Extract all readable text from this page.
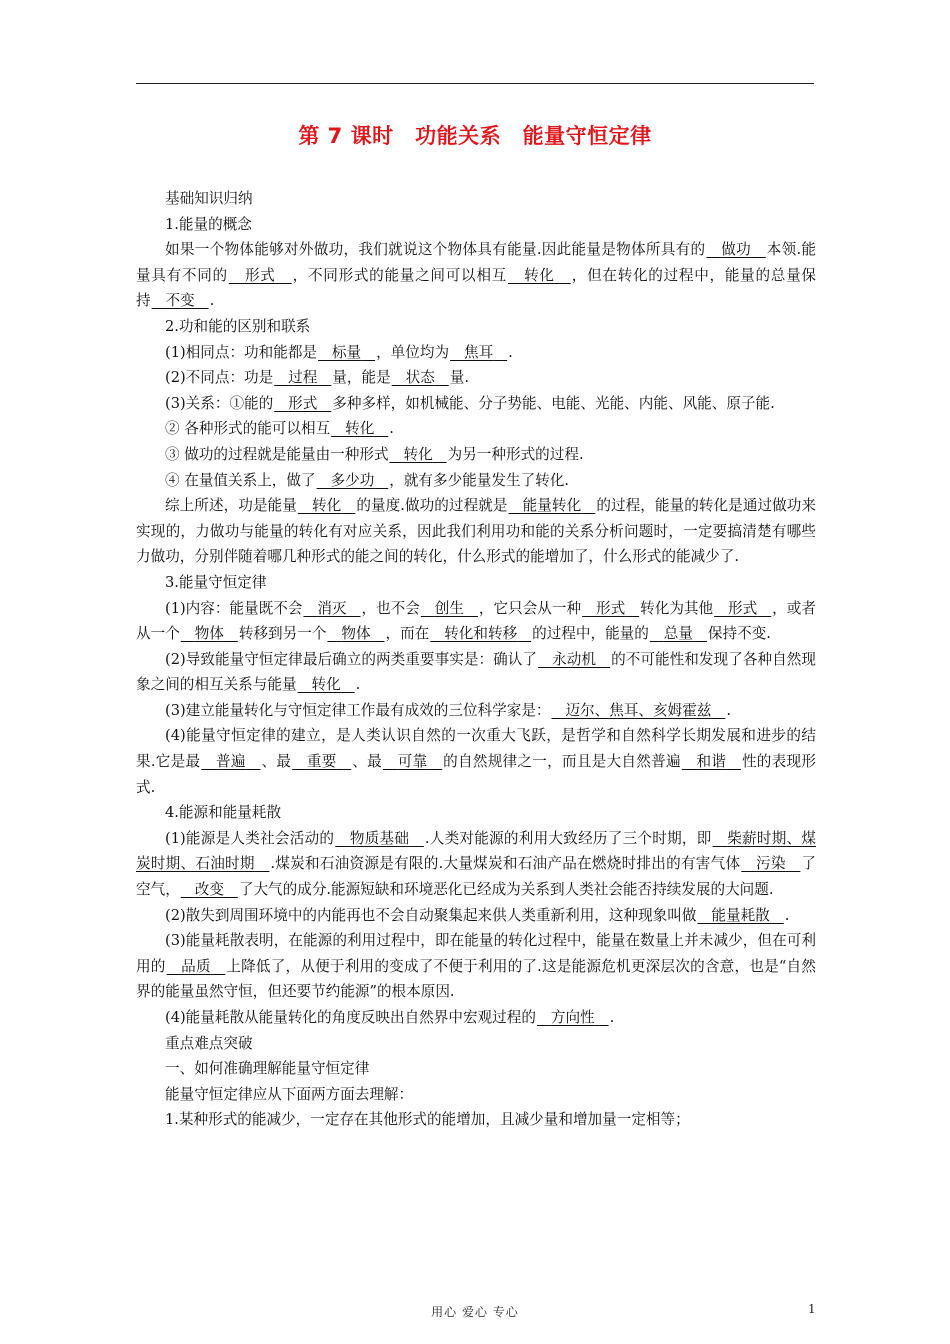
第 7 课时　功能关系　能量守恒定律

基础知识归纳

1.能量的概念

如果一个物体能够对外做功，我们就说这个物体具有能量.因此能量是物体所具有的 做功 本领.能量具有不同的 形式 ，不同形式的能量之间可以相互 转化 ，但在转化的过程中，能量的总量保持 不变 .

2.功和能的区别和联系

(1)相同点：功和能都是 标量 ，单位均为 焦耳 .

(2)不同点：功是 过程 量，能是 状态 量.

(3)关系：①能的 形式 多种多样，如机械能、分子势能、电能、光能、内能、风能、原子能.

② 各种形式的能可以相互 转化 .

③ 做功的过程就是能量由一种形式 转化 为另一种形式的过程.

④ 在量值关系上，做了 多少功 ，就有多少能量发生了转化.

综上所述，功是能量 转化 的量度.做功的过程就是 能量转化 的过程，能量的转化是通过做功来实现的，力做功与能量的转化有对应关系，因此我们利用功和能的关系分析问题时，一定要搞清楚有哪些力做功，分别伴随着哪几种形式的能之间的转化，什么形式的能增加了，什么形式的能减少了.

3.能量守恒定律

(1)内容：能量既不会 消灭 ，也不会 创生 ，它只会从一种 形式 转化为其他 形式 ，或者从一个 物体 转移到另一个 物体 ，而在 转化和转移 的过程中，能量的 总量 保持不变.

(2)导致能量守恒定律最后确立的两类重要事实是：确认了 永动机 的不可能性和发现了各种自然现象之间的相互关系与能量 转化 .

(3)建立能量转化与守恒定律工作最有成效的三位科学家是： 迈尔、焦耳、亥姆霍兹 .

(4)能量守恒定律的建立，是人类认识自然的一次重大飞跃，是哲学和自然科学长期发展和进步的结果.它是最 普遍 、最 重要 、最 可靠 的自然规律之一，而且是大自然普遍 和谐 性的表现形式.

4.能源和能量耗散

(1)能源是人类社会活动的 物质基础 .人类对能源的利用大致经历了三个时期，即 柴薪时期、煤炭时期、石油时期 .煤炭和石油资源是有限的.大量煤炭和石油产品在燃烧时排出的有害气体 污染 了空气， 改变 了大气的成分.能源短缺和环境恶化已经成为关系到人类社会能否持续发展的大问题.

(2)散失到周围环境中的内能再也不会自动聚集起来供人类重新利用，这种现象叫做 能量耗散 .

(3)能量耗散表明，在能源的利用过程中，即在能量的转化过程中，能量在数量上并未减少，但在可利用的 品质 上降低了，从便于利用的变成了不便于利用的了.这是能源危机更深层次的含意，也是“自然界的能量虽然守恒，但还要节约能源”的根本原因.

(4)能量耗散从能量转化的角度反映出自然界中宏观过程的 方向性 .

重点难点突破

一、如何准确理解能量守恒定律

能量守恒定律应从下面两方面去理解：

1.某种形式的能减少，一定存在其他形式的能增加，且减少量和增加量一定相等；

用心 爱心 专心	1
